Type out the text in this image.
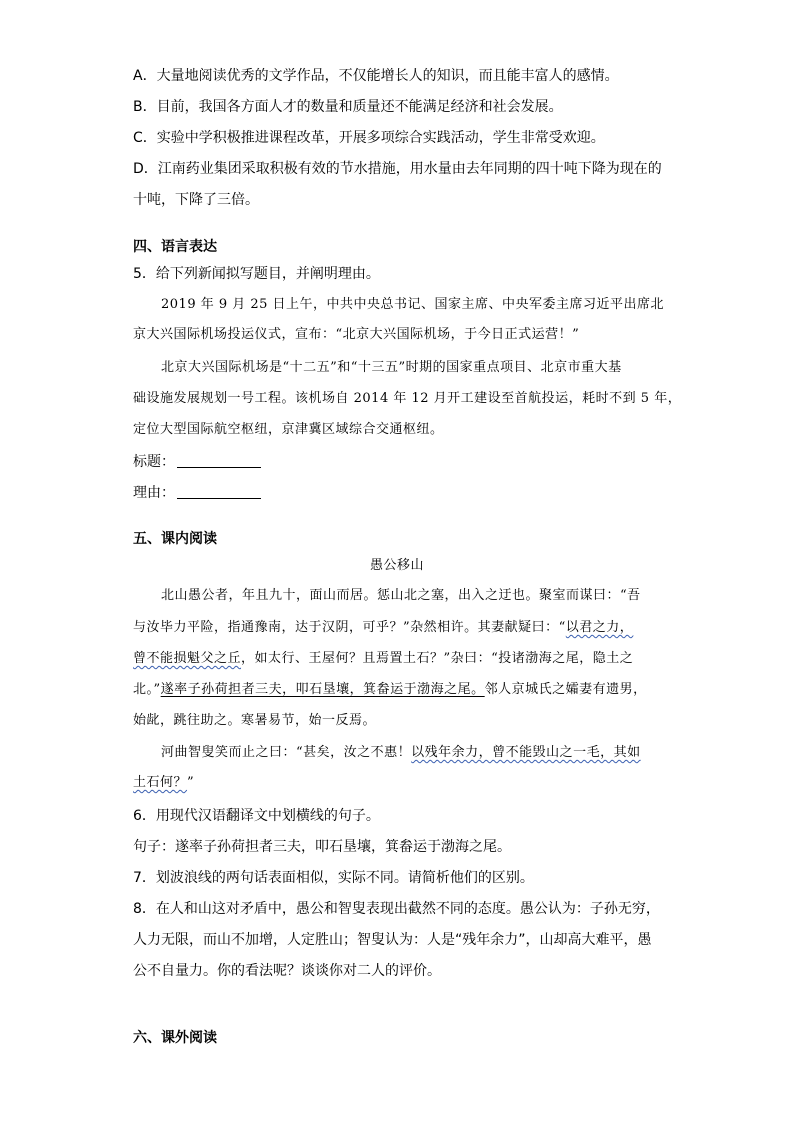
A．大量地阅读优秀的文学作品，不仅能增长人的知识，而且能丰富人的感情。
B．目前，我国各方面人才的数量和质量还不能满足经济和社会发展。
C．实验中学积极推进课程改革，开展多项综合实践活动，学生非常受欢迎。
D．江南药业集团采取积极有效的节水措施，用水量由去年同期的四十吨下降为现在的
十吨，下降了三倍。
四、语言表达
5．给下列新闻拟写题目，并阐明理由。
2019 年 9 月 25 日上午，中共中央总书记、国家主席、中央军委主席习近平出席北
京大兴国际机场投运仪式，宣布：“北京大兴国际机场，于今日正式运营！”
北京大兴国际机场是“十二五”和“十三五”时期的国家重点项目、北京市重大基
础设施发展规划一号工程。该机场自 2014 年 12 月开工建设至首航投运，耗时不到 5 年，
定位大型国际航空枢纽，京津冀区域综合交通枢纽。
标题：
理由：
五、课内阅读
愚公移山
北山愚公者，年且九十，面山而居。惩山北之塞，出入之迂也。聚室而谋曰：“吾
与汝毕力平险，指通豫南，达于汉阴，可乎？”杂然相许。其妻献疑曰：“以君之力，
曾不能损魁父之丘，如太行、王屋何？且焉置土石？”杂曰：“投诸渤海之尾，隐土之
北。”遂率子孙荷担者三夫，叩石垦壤，箕畚运于渤海之尾。邻人京城氏之孀妻有遗男，
始龀，跳往助之。寒暑易节，始一反焉。
河曲智叟笑而止之曰：“甚矣，汝之不惠！以残年余力，曾不能毁山之一毛，其如
土石何？”
6．用现代汉语翻译文中划横线的句子。
句子：遂率子孙荷担者三夫，叩石垦壤，箕畚运于渤海之尾。
7．划波浪线的两句话表面相似，实际不同。请简析他们的区别。
8．在人和山这对矛盾中，愚公和智叟表现出截然不同的态度。愚公认为：子孙无穷，
人力无限，而山不加增，人定胜山；智叟认为：人是“残年余力”，山却高大难平，愚
公不自量力。你的看法呢？谈谈你对二人的评价。
六、课外阅读
